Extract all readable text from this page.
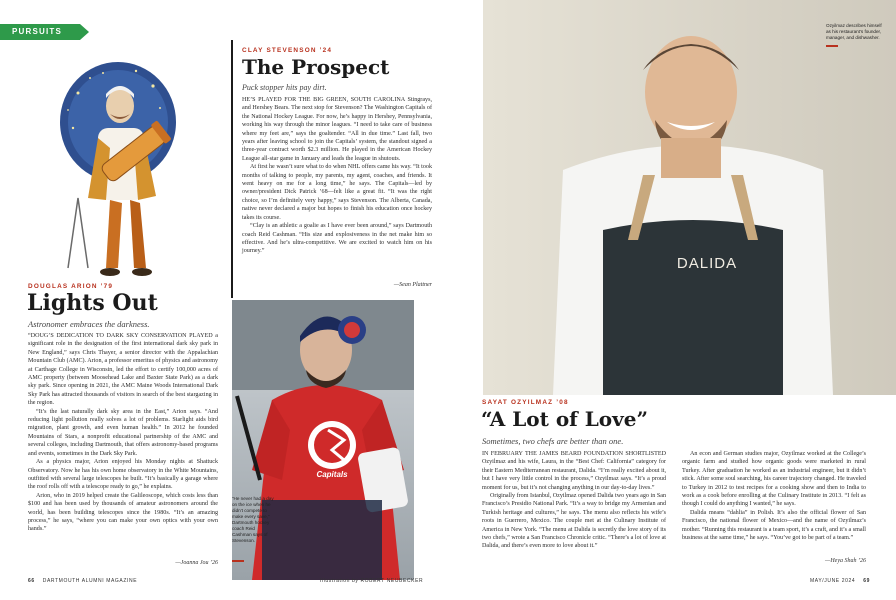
PURSUITS
DOUGLAS ARION ’79
Lights Out
Astronomer embraces the darkness.

“DOUG’S DEDICATION TO DARK SKY CONSERVATION PLAYED a significant role in the designation of the first international dark sky park in New England,” says Chris Thayer, a senior director with the Appalachian Mountain Club (AMC). Arion, a professor emeritus of physics and astronomy at Carthage College in Wisconsin, led the effort to certify 100,000 acres of AMC property (between Moosehead Lake and Baxter State Park) as a dark sky park. Since opening in 2021, the AMC Maine Woods International Dark Sky Park has attracted thousands of visitors in search of the best stargazing in the region.

“It’s the last naturally dark sky area in the East,” Arion says. “And reducing light pollution really solves a lot of problems. Starlight aids bird migration, plant growth, and even human health.” In 2012 he founded Mountains of Stars, a nonprofit educational partnership of the AMC and several colleges, including Dartmouth, that offers astronomy-based programs and events, sometimes in the Dark Sky Park.

As a physics major, Arion enjoyed his Monday nights at Shattuck Observatory. Now he has his own home observatory in the White Mountains, outfitted with several large telescopes he built. “It’s basically a garage where the roof rolls off with a telescope ready to go,” he explains.

Arion, who in 2019 helped create the Galileoscope, which costs less than $100 and has been used by thousands of amateur astronomers around the world, has been building telescopes since the 1980s. “It’s an amazing process,” he says, “where you can make your own optics with your own hands.”

—Joanna Jou ’26
CLAY STEVENSON ’24
The Prospect
Puck stopper hits pay dirt.

HE’S PLAYED FOR THE BIG GREEN, SOUTH CAROLINA Stingrays, and Hershey Bears. The next stop for Stevenson? The Washington Capitals of the National Hockey League. For now, he’s happy in Hershey, Pennsylvania, working his way through the minor leagues. “I need to take care of business where my feet are,” says the goaltender. “All in due time.” Last fall, two years after leaving school to join the Capitals’ system, the standout signed a three-year contract worth $2.3 million. He played in the American Hockey League all-star game in January and leads the league in shutouts.

At first he wasn’t sure what to do when NHL offers came his way. “It took months of talking to people, my parents, my agent, coaches, and friends. It went heavy on me for a long time,” he says. The Capitals—led by owner/president Dick Patrick ’68—felt like a great fit. “It was the right choice, so I’m definitely very happy,” says Stevenson. The Alberta, Canada, native never declared a major but hopes to finish his education once hockey takes its course.

“Clay is an athletic a goalie as I have ever been around,” says Dartmouth coach Reid Cashman. “His size and explosiveness in the net make him so effective. And he’s ultra-competitive. We are excited to watch him on his journey.”

—Sean Plattner
Capitals
“He never had a day on the ice when he didn’t compete to make every save,” Dartmouth hockey coach Reid Cashman says of Stevenson.
66 DARTMOUTH ALUMNI MAGAZINE	Illustration by ROBERT NEUBECKER
DALIDA
Ozyilmaz describes himself as his restaurant’s founder, manager, and dishwasher.
SAYAT OZYILMAZ ’08
“A Lot of Love”
Sometimes, two chefs are better than one.

IN FEBRUARY THE JAMES BEARD FOUNDATION SHORTLISTED Ozyilmaz and his wife, Laura, in the “Best Chef: California” category for their Eastern Mediterranean restaurant, Dalida. “I’m really excited about it, but I have very little control in the process,” Ozyilmaz says. “It’s a proud moment for us, but it’s not changing anything in our day-to-day lives.”

Originally from Istanbul, Ozyilmaz opened Dalida two years ago in San Francisco’s Presidio National Park. “It’s a way to bridge my Armenian and Turkish heritage and cultures,” he says. The menu also reflects his wife’s roots in Guerrero, Mexico. The couple met at the Culinary Institute of America in New York. “The menu at Dalida is secretly the love story of its two chefs,” wrote a San Francisco Chronicle critic. “There’s a lot of love at Dalida, and there’s even more to love about it.”

An econ and German studies major, Ozyilmaz worked at the College’s organic farm and studied how organic goods were marketed in rural Turkey. After graduation he worked as an industrial engineer, but it didn’t stick. After some soul searching, his career trajectory changed. He traveled to Turkey in 2012 to test recipes for a cooking show and then to India to work as a cook before enrolling at the Culinary Institute in 2013. “I felt as though I could do anything I wanted,” he says.

Dalida means “dahlia” in Polish. It’s also the official flower of San Francisco, the national flower of Mexico—and the name of Ozyilmaz’s mother. “Running this restaurant is a team sport, it’s a craft, and it’s a small business at the same time,” he says. “You’ve got to be part of a team.”

—Heya Shah ’26
MAY/JUNE 2024 69
